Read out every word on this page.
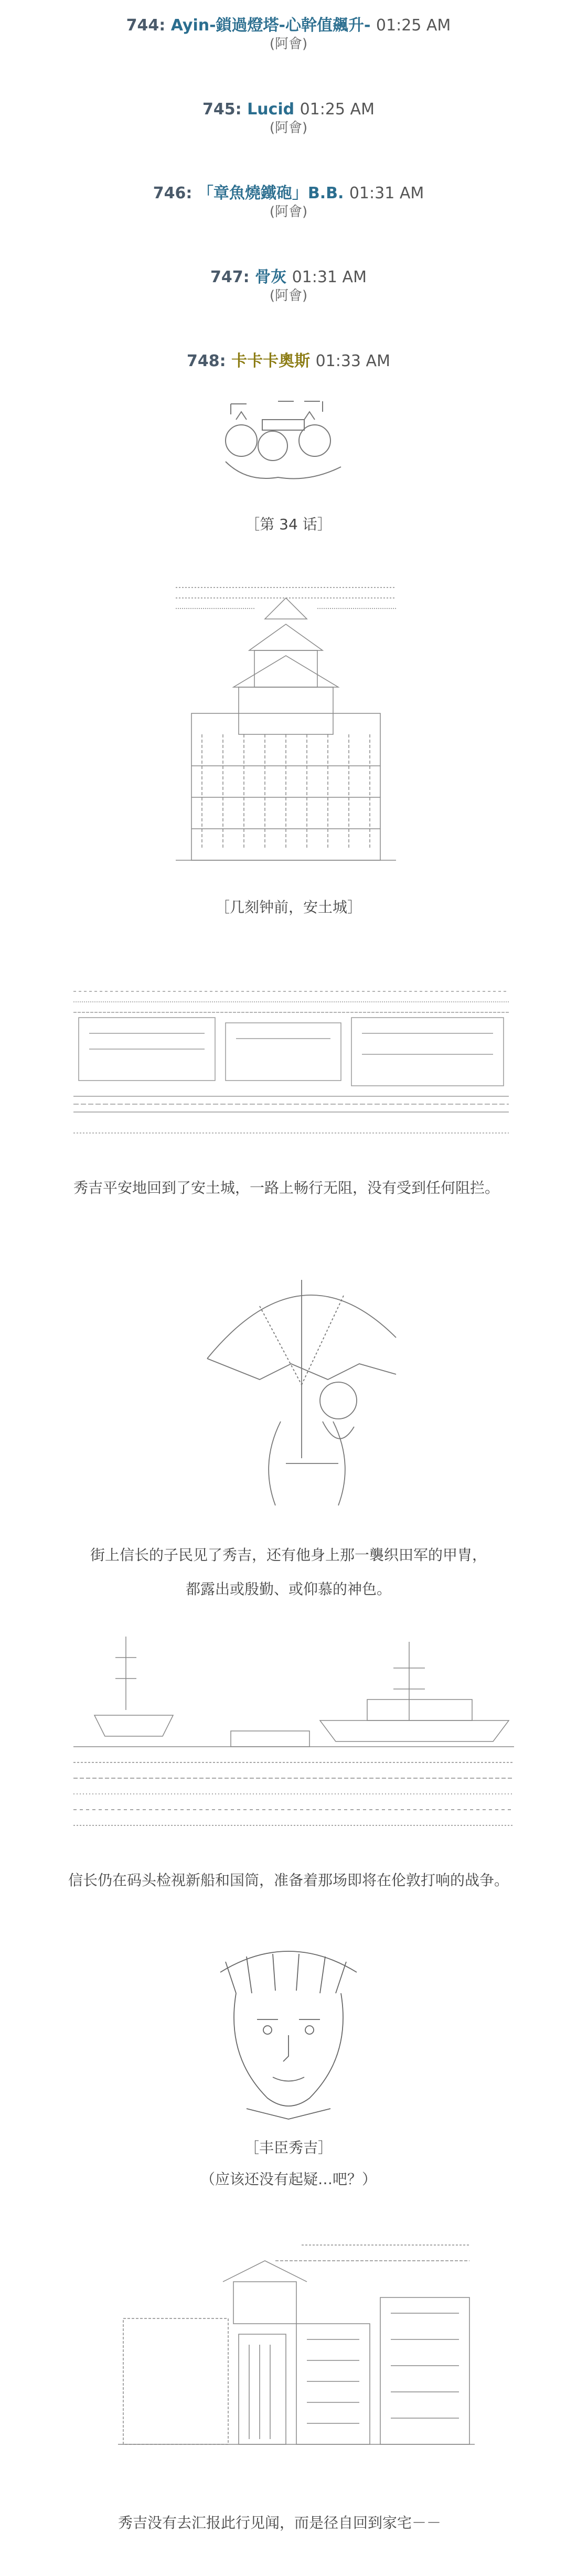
744: Ayin-鎖過燈塔-心幹值飆升- 01:25 AM
(阿會)
745: Lucid 01:25 AM
(阿會)
746: 「章魚燒鐵砲」B.B. 01:31 AM
(阿會)
747: 骨灰 01:31 AM
(阿會)
748: 卡卡卡奧斯 01:33 AM
［第 34 话］
［几刻钟前，安土城］
秀吉平安地回到了安土城，一路上畅行无阻，没有受到任何阻拦。
街上信长的子民见了秀吉，还有他身上那一襲织田军的甲胄，
都露出或殷勤、或仰慕的神色。
信长仍在码头检视新船和国筒，准备着那场即将在伦敦打响的战争。
［丰臣秀吉］
（应该还没有起疑…吧？）
秀吉没有去汇报此行见闻，而是径自回到家宅－－
